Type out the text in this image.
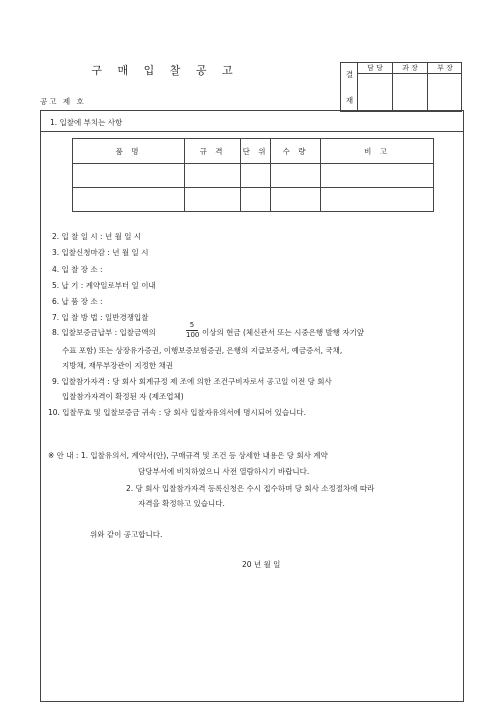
구 매 입 찰 공 고
공고 제 호
결
재
담 당	과 장	부 장
1. 입찰에 부치는 사항
품 명	규 격	단 위	수 량	비 고

2. 입 찰 일 시 : 년 월 일 시
3. 입찰신청마감 : 년 월 일 시
4. 입 찰 장 소 :
5. 납 기 : 계약일로부터 일 이내
6. 납 품 장 소 :
7. 입 찰 방 법 : 일반경쟁입찰
8. 입찰보증금납부 : 입찰금액의	$\frac{5}{100}$ 이상의 현금 (체신관서 또는 시중은행 발행 자기앞
수표 포함) 또는 상장유가증권, 이행보증보험증권, 은행의 지급보증서, 예금증서, 국채,
지방채, 재무부장관이 지정한 채권
9. 입찰참가자격 : 당 회사 회계규정 제 조에 의한 조건구비자로서 공고일 이전 당 회사
입찰참가자격이 확정된 자 (제조업체)
10. 입찰무효 및 입찰보증금 귀속 : 당 회사 입찰자유의서에 명시되어 있습니다.
※ 안 내 : 1. 입찰유의서, 계약서(안), 구매규격 및 조건 등 상세한 내용은 당 회사 계약
담당부서에 비치하였으니 사전 열람하시기 바랍니다.
2. 당 회사 입찰참가자격 등록신청은 수시 접수하며 당 회사 소정절차에 따라
자격을 확정하고 있습니다.
위와 같이 공고합니다.
20 년 월 일
